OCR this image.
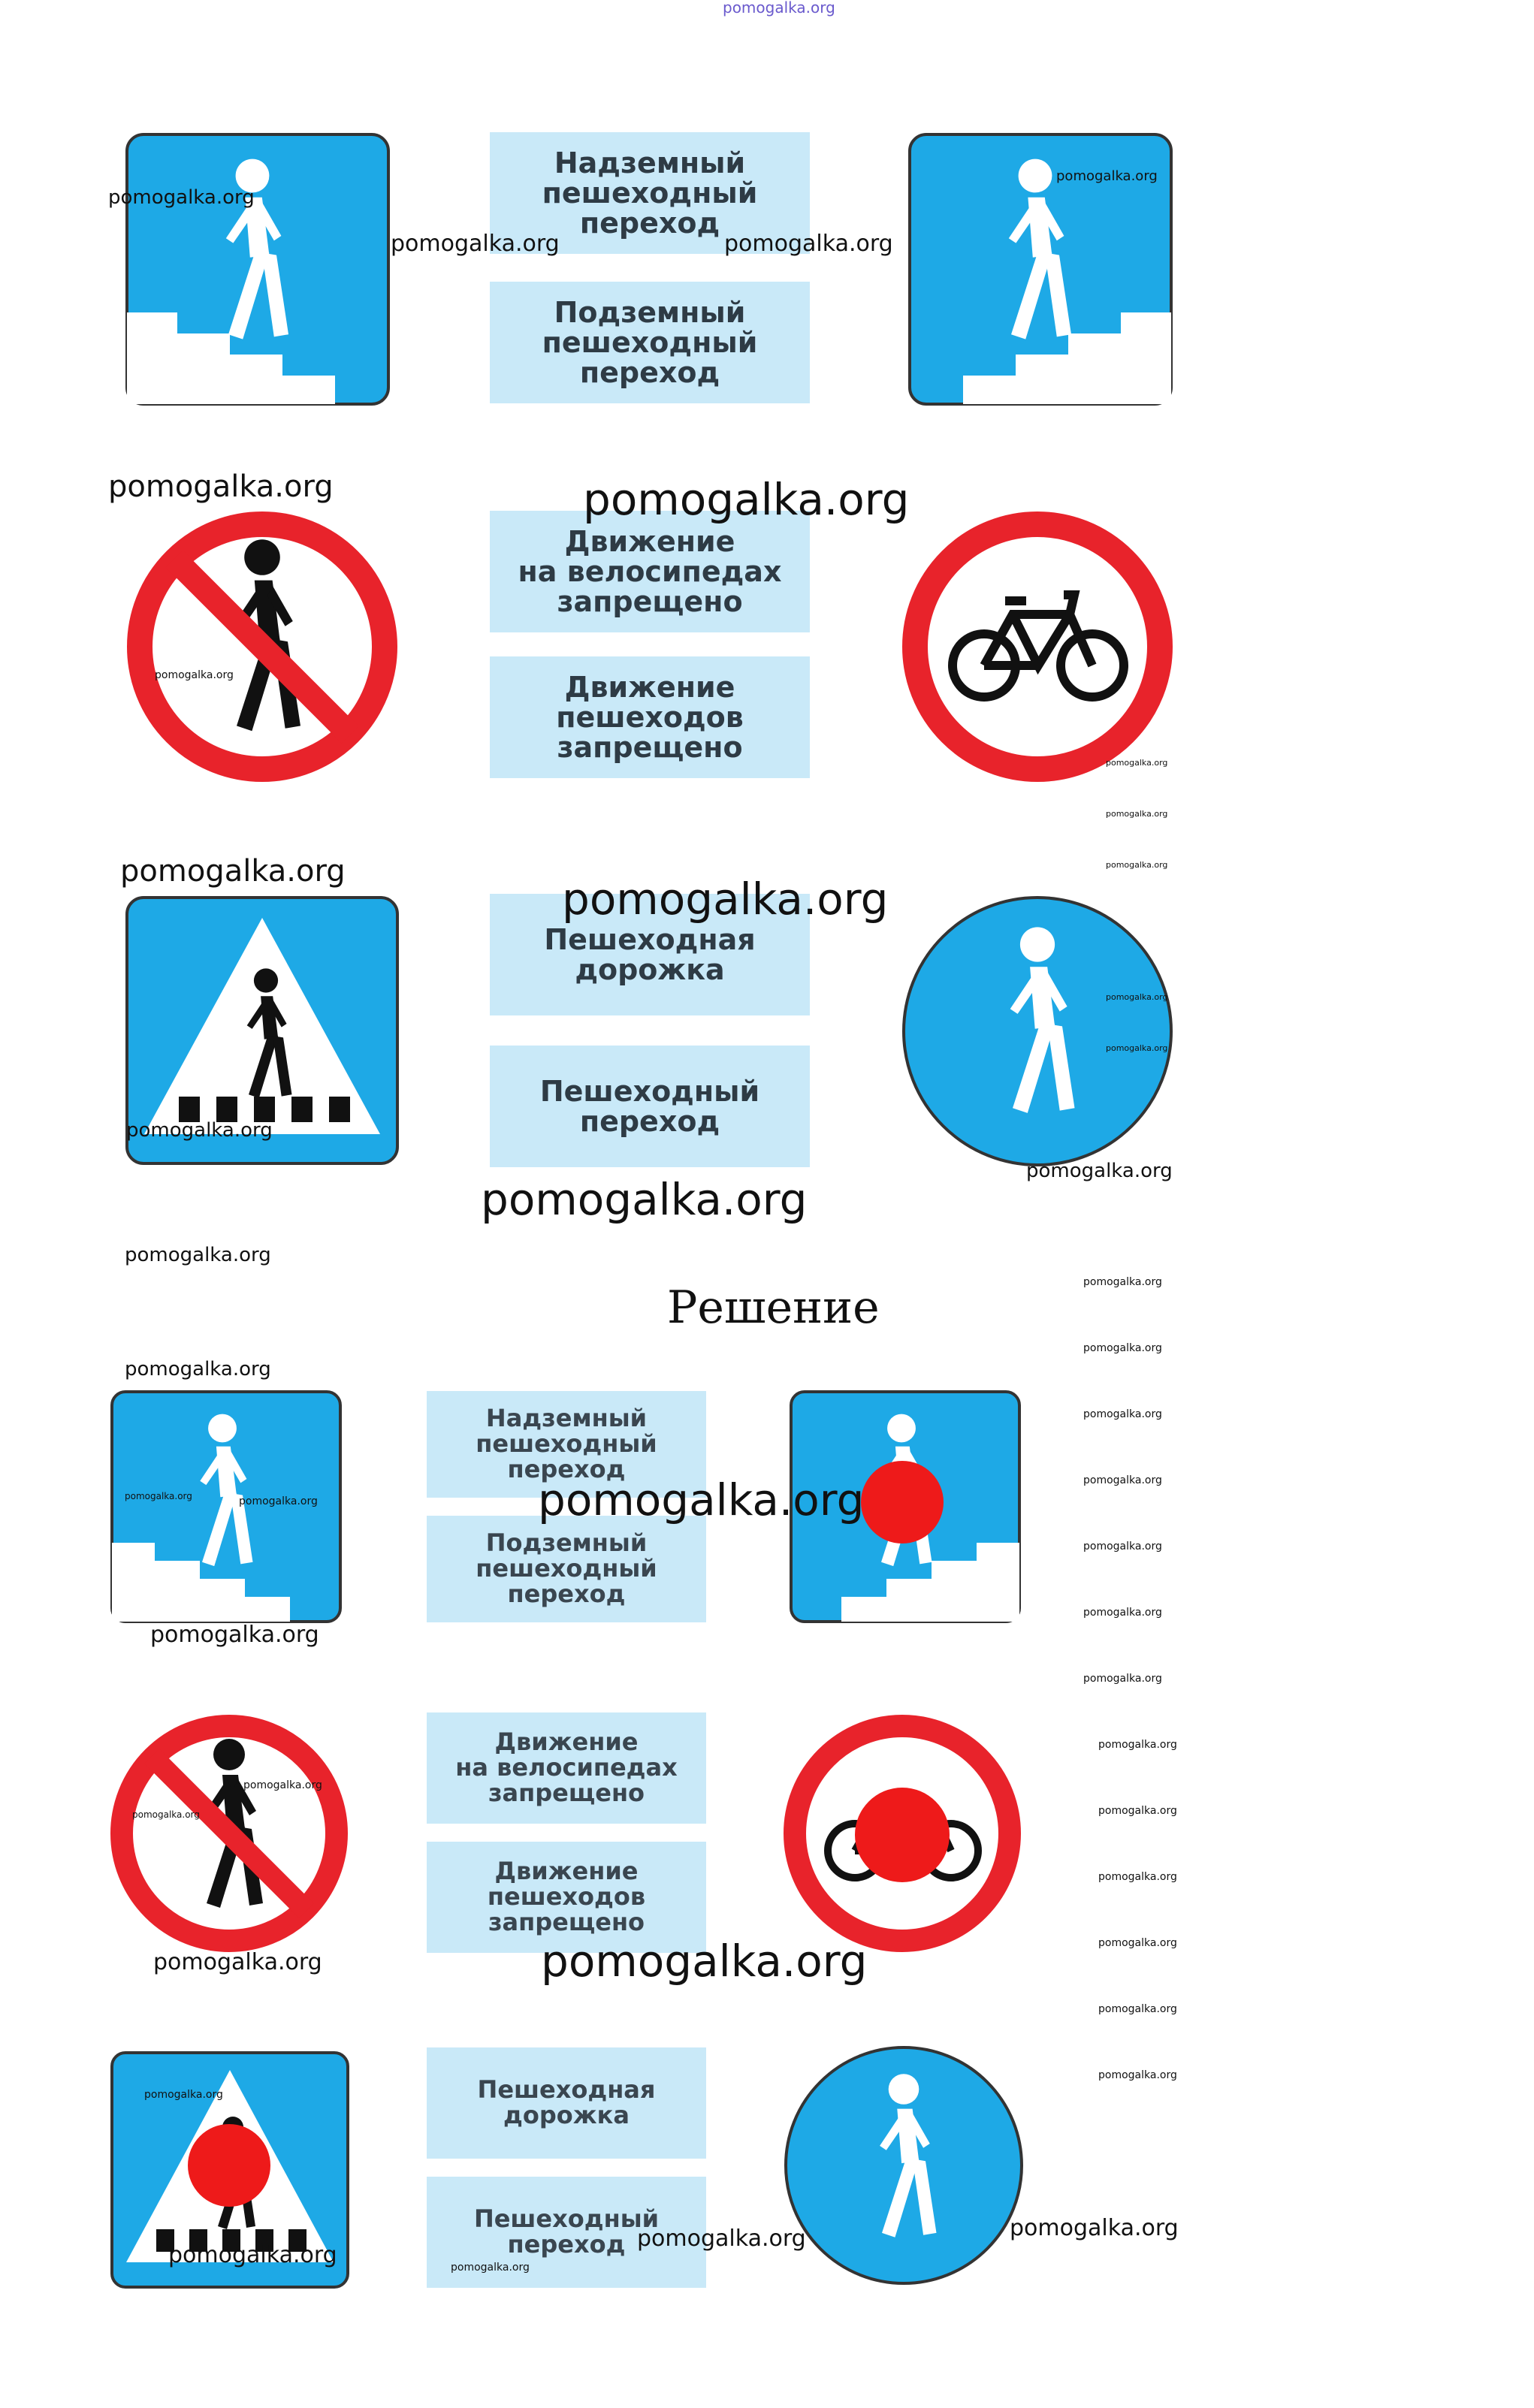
pomogalka.org
Надземный
пешеходный
переход
Подземный
пешеходный
переход
Движение
на велосипедах
запрещено
Движение
пешеходов
запрещено
Пешеходная
дорожка
Пешеходный
переход
Решение
Надземный
пешеходный
переход
Подземный
пешеходный
переход
Движение
на велосипедах
запрещено
Движение
пешеходов
запрещено
Пешеходная
дорожка
Пешеходный
переход
pomogalka.org
pomogalka.org	pomogalka.org
pomogalka.org
pomogalka.org	pomogalka.org
pomogalka.org
pomogalka.org
pomogalka.org
pomogalka.org
pomogalka.org
pomogalka.org
pomogalka.org
pomogalka.org
pomogalka.org
pomogalka.org
pomogalka.org
pomogalka.org
pomogalka.org
pomogalka.org
pomogalka.org
pomogalka.org
pomogalka.org	pomogalka.org	pomogalka.org	pomogalka.org
pomogalka.org
pomogalka.org
pomogalka.org
pomogalka.org
pomogalka.org
pomogalka.org
pomogalka.org	pomogalka.org
pomogalka.org
pomogalka.org
pomogalka.org	pomogalka.org
pomogalka.org
pomogalka.org
pomogalka.org
pomogalka.org	pomogalka.org
pomogalka.org	pomogalka.org
